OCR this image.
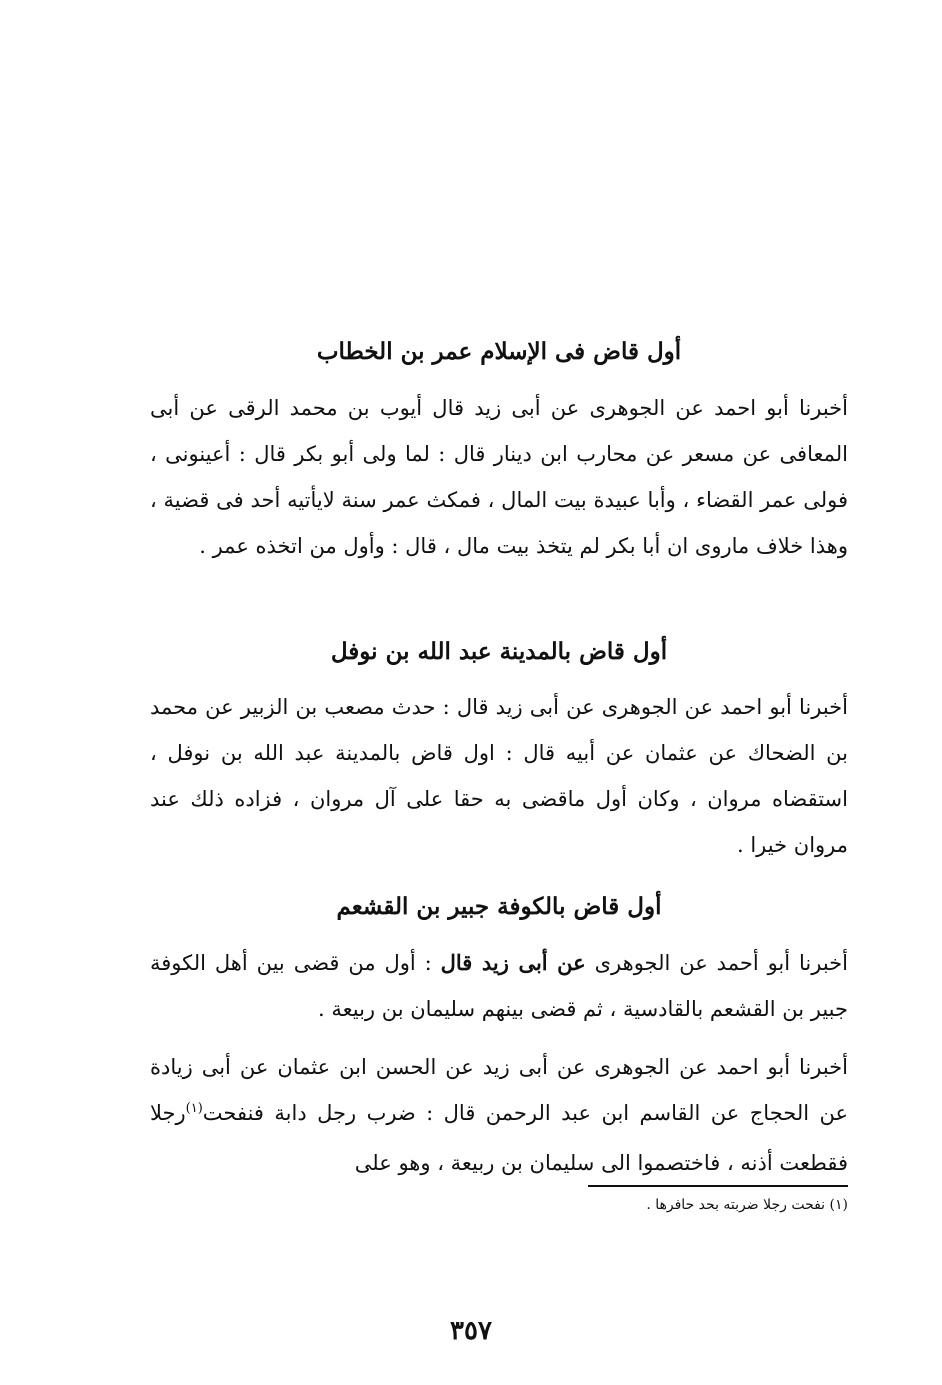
أول قاض فى الإسلام عمر بن الخطاب

أخبرنا أبو احمد عن الجوهرى عن أبى زيد قال أيوب بن محمد الرقى عن أبى المعافى عن مسعر عن محارب ابن دينار قال : لما ولى أبو بكر قال : أعينونى ، فولى عمر القضاء ، وأبا عبيدة بيت المال ، فمكث عمر سنة لايأتيه أحد فى قضية ، وهذا خلاف ماروى ان أبا بكر لم يتخذ بيت مال ، قال : وأول من اتخذه عمر .

أول قاض بالمدينة عبد الله بن نوفل

أخبرنا أبو احمد عن الجوهرى عن أبى زيد قال : حدث مصعب بن الزبير عن محمد بن الضحاك عن عثمان عن أبيه قال : اول قاض بالمدينة عبد الله بن نوفل ، استقضاه مروان ، وكان أول ماقضى به حقا على آل مروان ، فزاده ذلك عند مروان خيرا .

أول قاض بالكوفة جبير بن القشعم

أخبرنا أبو أحمد عن الجوهرى عن أبى زيد قال : أول من قضى بين أهل الكوفة جبير بن القشعم بالقادسية ، ثم قضى بينهم سليمان بن ربيعة .

أخبرنا أبو احمد عن الجوهرى عن أبى زيد عن الحسن ابن عثمان عن أبى زيادة عن الحجاج عن القاسم ابن عبد الرحمن قال : ضرب رجل دابة فنفحت$^{(١)}$رجلا فقطعت أذنه ، فاختصموا الى سليمان بن ربيعة ، وهو على

(١) نفحت رجلا ضربته بحد حافرها .

٣٥٧
